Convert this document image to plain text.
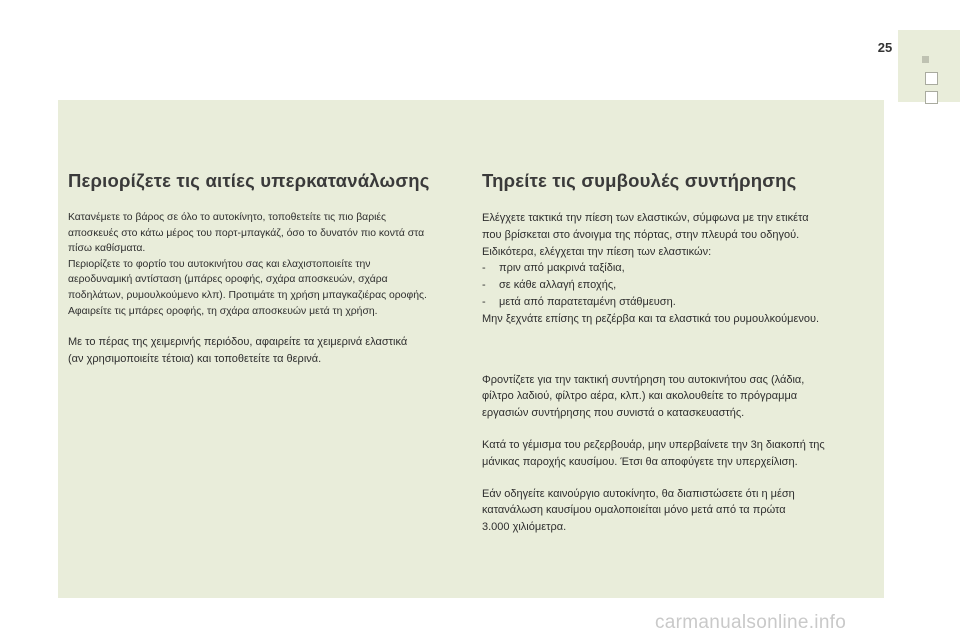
25
Περιορίζετε τις αιτίες υπερκατανάλωσης

Κατανέμετε το βάρος σε όλο το αυτοκίνητο, τοποθετείτε τις πιο βαριές
αποσκευές στο κάτω μέρος του πορτ-μπαγκάζ, όσο το δυνατόν πιο κοντά στα
πίσω καθίσματα.
Περιορίζετε το φορτίο του αυτοκινήτου σας και ελαχιστοποιείτε την
αεροδυναμική αντίσταση (μπάρες οροφής, σχάρα αποσκευών, σχάρα
ποδηλάτων, ρυμουλκούμενο κλπ). Προτιμάτε τη χρήση μπαγκαζιέρας οροφής.
Αφαιρείτε τις μπάρες οροφής, τη σχάρα αποσκευών μετά τη χρήση.

Με το πέρας της χειμερινής περιόδου, αφαιρείτε τα χειμερινά ελαστικά
(αν χρησιμοποιείτε τέτοια) και τοποθετείτε τα θερινά.

Τηρείτε τις συμβουλές συντήρησης

Ελέγχετε τακτικά την πίεση των ελαστικών, σύμφωνα με την ετικέτα
που βρίσκεται στο άνοιγμα της πόρτας, στην πλευρά του οδηγού.
Ειδικότερα, ελέγχεται την πίεση των ελαστικών:

-	πριν από μακρινά ταξίδια,
-	σε κάθε αλλαγή εποχής,
-	μετά από παρατεταμένη στάθμευση.

Μην ξεχνάτε επίσης τη ρεζέρβα και τα ελαστικά του ρυμουλκούμενου.

Φροντίζετε για την τακτική συντήρηση του αυτοκινήτου σας (λάδια,
φίλτρο λαδιού, φίλτρο αέρα, κλπ.) και ακολουθείτε το πρόγραμμα
εργασιών συντήρησης που συνιστά ο κατασκευαστής.

Κατά το γέμισμα του ρεζερβουάρ, μην υπερβαίνετε την 3η διακοπή της
μάνικας παροχής καυσίμου. Έτσι θα αποφύγετε την υπερχείλιση.

Εάν οδηγείτε καινούργιο αυτοκίνητο, θα διαπιστώσετε ότι η μέση
κατανάλωση καυσίμου ομαλοποιείται μόνο μετά από τα πρώτα
3.000 χιλιόμετρα.

carmanualsonline.info
